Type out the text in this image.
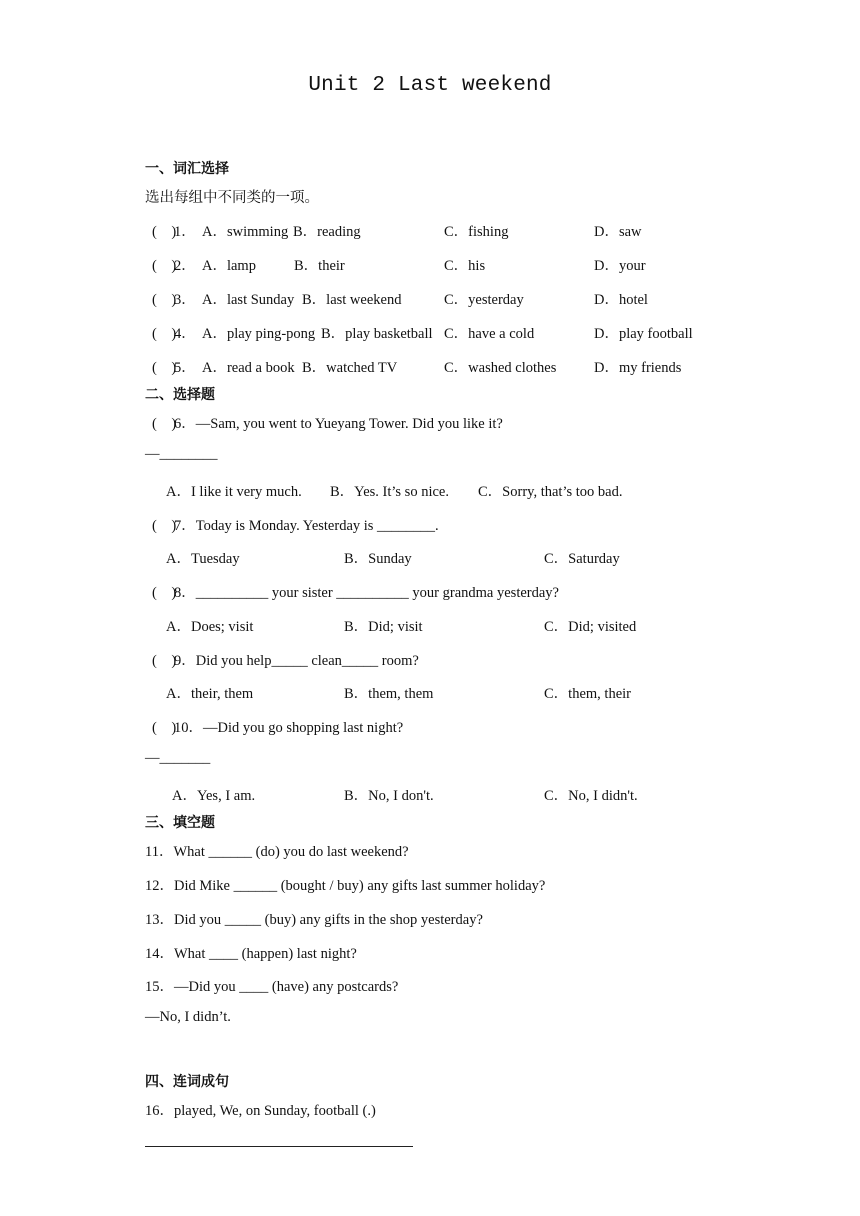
Unit 2 Last weekend
一、词汇选择
选出每组中不同类的一项。
(　)
1． A．swimming B．reading	C．fishing	D．saw
(　)
2． A．lamp	B．their	C．his	D．your
(　)
3． A．last Sunday B．last weekend	C．yesterday	D．hotel
(　)
4． A．play ping-pong B．play basketball C．have a cold	D．play football
(　)
5． A．read a book B．watched TV	C．washed clothes	D．my friends
二、选择题
(　)
6．—Sam, you went to Yueyang Tower. Did you like it?
—________
A．I like it very much. B．Yes. It’s so nice. C．Sorry, that’s too bad.
(　)
7．Today is Monday. Yesterday is ________.
A．Tuesday	B．Sunday	C．Saturday
(　)
8．__________ your sister __________ your grandma yesterday?
A．Does; visit	B．Did; visit	C．Did; visited
(　)
9．Did you help_____ clean_____ room?
A．their, them	B．them, them	C．them, their
(　)
10．—Did you go shopping last night?
—_______
A．Yes, I am.	B．No, I don't.	C．No, I didn't.
三、填空题
11．What ______ (do) you do last weekend?
12．Did Mike ______ (bought / buy) any gifts last summer holiday?
13．Did you _____ (buy) any gifts in the shop yesterday?
14．What ____ (happen) last night?
15．—Did you ____ (have) any postcards?
—No, I didn’t.
四、连词成句
16．played, We, on Sunday, football (.)
